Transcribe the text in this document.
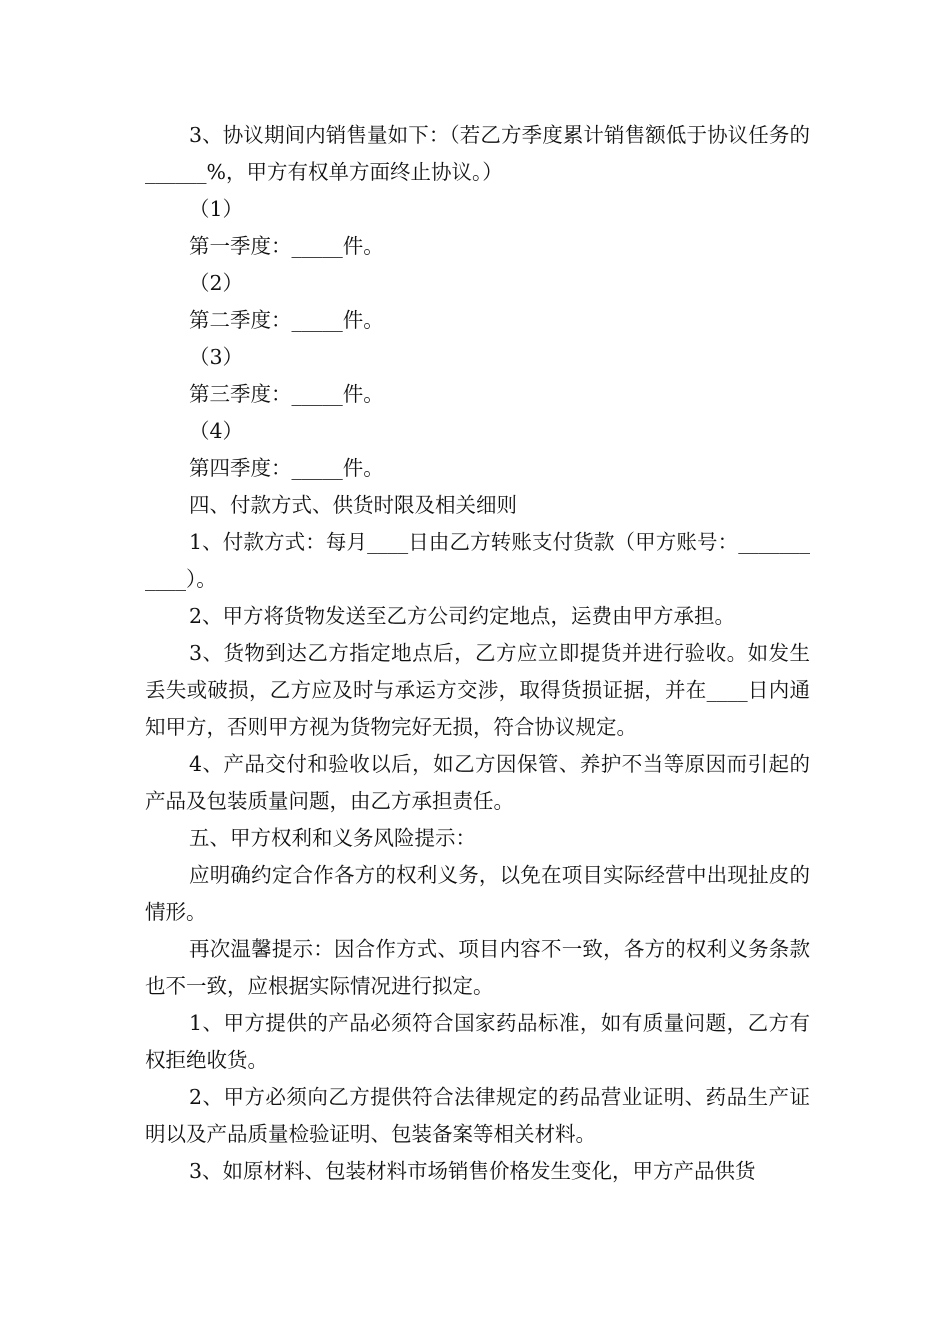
3、协议期间内销售量如下：（若乙方季度累计销售额低于协议任务的______%，甲方有权单方面终止协议。）

（1）

第一季度：_____件。

（2）

第二季度：_____件。

（3）

第三季度：_____件。

（4）

第四季度：_____件。

四、付款方式、供货时限及相关细则

1、付款方式：每月____日由乙方转账支付货款（甲方账号：___________）。

2、甲方将货物发送至乙方公司约定地点，运费由甲方承担。

3、货物到达乙方指定地点后，乙方应立即提货并进行验收。如发生丢失或破损，乙方应及时与承运方交涉，取得货损证据，并在____日内通知甲方，否则甲方视为货物完好无损，符合协议规定。

4、产品交付和验收以后，如乙方因保管、养护不当等原因而引起的产品及包装质量问题，由乙方承担责任。

五、甲方权利和义务风险提示：

应明确约定合作各方的权利义务，以免在项目实际经营中出现扯皮的情形。

再次温馨提示：因合作方式、项目内容不一致，各方的权利义务条款也不一致，应根据实际情况进行拟定。

1、甲方提供的产品必须符合国家药品标准，如有质量问题，乙方有权拒绝收货。

2、甲方必须向乙方提供符合法律规定的药品营业证明、药品生产证明以及产品质量检验证明、包装备案等相关材料。

3、如原材料、包装材料市场销售价格发生变化，甲方产品供货
